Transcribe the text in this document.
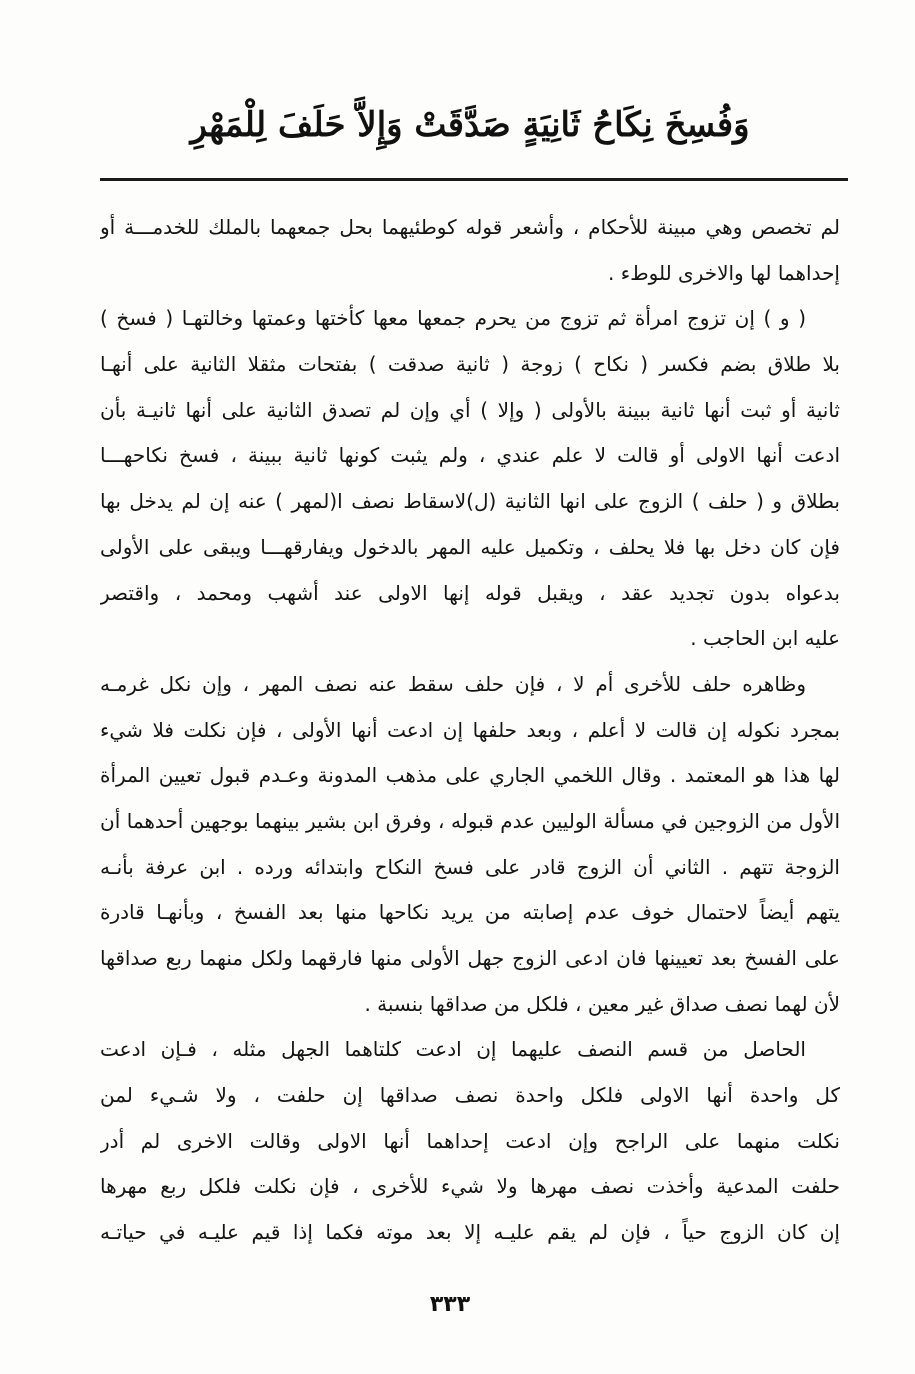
وَفُسِخَ نِكَاحُ ثَانِيَةٍ صَدَّقَتْ وَإِلاَّ حَلَفَ لِلْمَهْرِ
لم تخصص وهي مبينة للأحكام ، وأشعر قوله كوطئيهما بحل جمعهما بالملك للخدمـــة أو
إحداهما لها والاخرى للوطء .
( و ) إن تزوج امرأة ثم تزوج من يحرم جمعها معها كأختها وعمتها وخالتهـا ( فسخ )
بلا طلاق بضم فكسر ( نكاح ) زوجة ( ثانية صدقت ) بفتحات مثقلا الثانية على أنهـا
ثانية أو ثبت أنها ثانية ببينة بالأولى ( وإلا ) أي وإن لم تصدق الثانية على أنها ثانيـة بأن
ادعت أنها الاولى أو قالت لا علم عندي ، ولم يثبت كونها ثانية ببينة ، فسخ نكاحهـــا
بطلاق و ( حلف ) الزوج على انها الثانية (ل)لاسقاط نصف ا(لمهر ) عنه إن لم يدخل بها
فإن كان دخل بها فلا يحلف ، وتكميل عليه المهر بالدخول ويفارقهـــا ويبقى على الأولى
بدعواه بدون تجديد عقد ، ويقبل قوله إنها الاولى عند أشهب ومحمد ، واقتصر
عليه ابن الحاجب .
وظاهره حلف للأخرى أم لا ، فإن حلف سقط عنه نصف المهر ، وإن نكل غرمـه
بمجرد نكوله إن قالت لا أعلم ، وبعد حلفها إن ادعت أنها الأولى ، فإن نكلت فلا شيء
لها هذا هو المعتمد . وقال اللخمي الجاري على مذهب المدونة وعـدم قبول تعيين المرأة
الأول من الزوجين في مسألة الوليين عدم قبوله ، وفرق ابن بشير بينهما بوجهين أحدهما أن
الزوجة تتهم . الثاني أن الزوج قادر على فسخ النكاح وابتدائه ورده . ابن عرفة بأنـه
يتهم أيضاً لاحتمال خوف عدم إصابته من يريد نكاحها منها بعد الفسخ ، وبأنهـا قادرة
على الفسخ بعد تعيينها فان ادعى الزوج جهل الأولى منها فارقهما ولكل منهما ربع صداقها
لأن لهما نصف صداق غير معين ، فلكل من صداقها بنسبة .
الحاصل من قسم النصف عليهما إن ادعت كلتاهما الجهل مثله ، فـإن ادعت
كل واحدة أنها الاولى فلكل واحدة نصف صداقها إن حلفت ، ولا شـيء لمن
نكلت منهما على الراجح وإن ادعت إحداهما أنها الاولى وقالت الاخرى لم أدر
حلفت المدعية وأخذت نصف مهرها ولا شيء للأخرى ، فإن نكلت فلكل ربع مهرها
إن كان الزوج حياً ، فإن لم يقم عليـه إلا بعد موته فكما إذا قيم عليـه في حياتـه
٣٣٣
